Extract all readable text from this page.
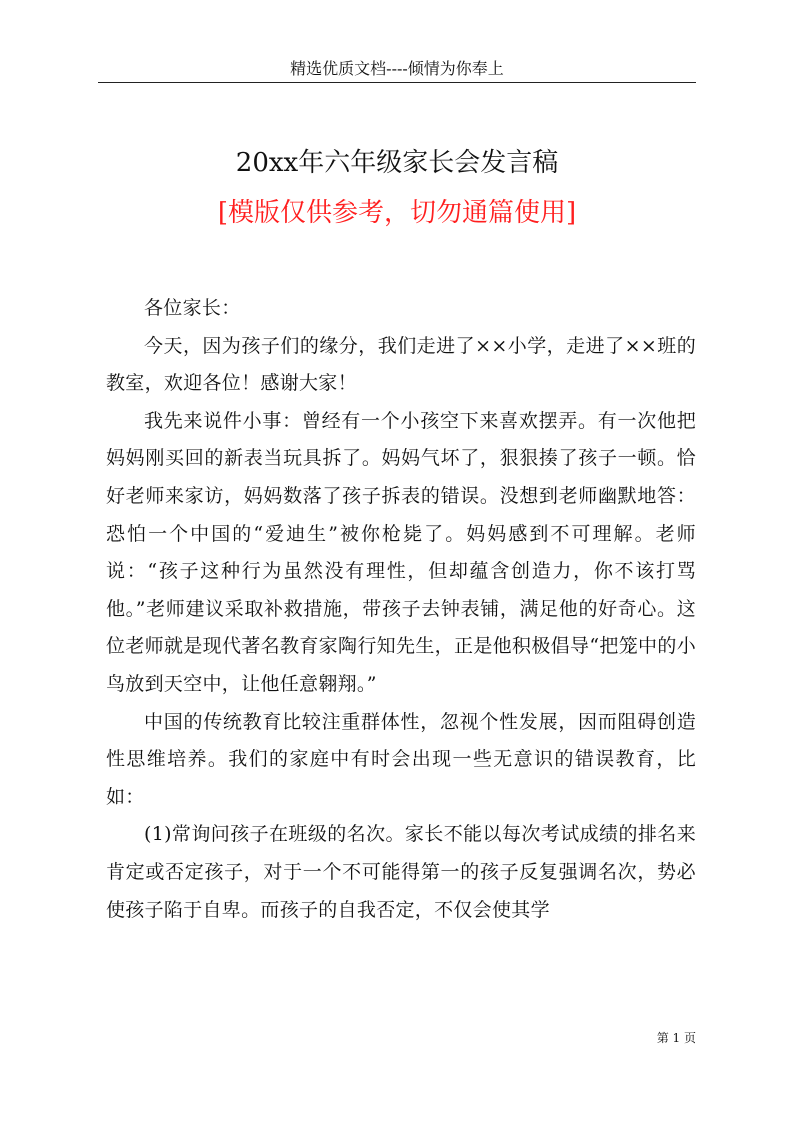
精选优质文档----倾情为你奉上
20xx年六年级家长会发言稿
[模版仅供参考，切勿通篇使用]

各位家长：

今天，因为孩子们的缘分，我们走进了××小学，走进了××班的教室，欢迎各位！感谢大家！

我先来说件小事：曾经有一个小孩空下来喜欢摆弄。有一次他把妈妈刚买回的新表当玩具拆了。妈妈气坏了，狠狠揍了孩子一顿。恰好老师来家访，妈妈数落了孩子拆表的错误。没想到老师幽默地答：恐怕一个中国的“爱迪生”被你枪毙了。妈妈感到不可理解。老师说：“孩子这种行为虽然没有理性，但却蕴含创造力，你不该打骂他。”老师建议采取补救措施，带孩子去钟表铺，满足他的好奇心。这位老师就是现代著名教育家陶行知先生，正是他积极倡导“把笼中的小鸟放到天空中，让他任意翱翔。”

中国的传统教育比较注重群体性，忽视个性发展，因而阻碍创造性思维培养。我们的家庭中有时会出现一些无意识的错误教育，比如：

(1)常询问孩子在班级的名次。家长不能以每次考试成绩的排名来肯定或否定孩子，对于一个不可能得第一的孩子反复强调名次，势必使孩子陷于自卑。而孩子的自我否定，不仅会使其学

第 1 页
